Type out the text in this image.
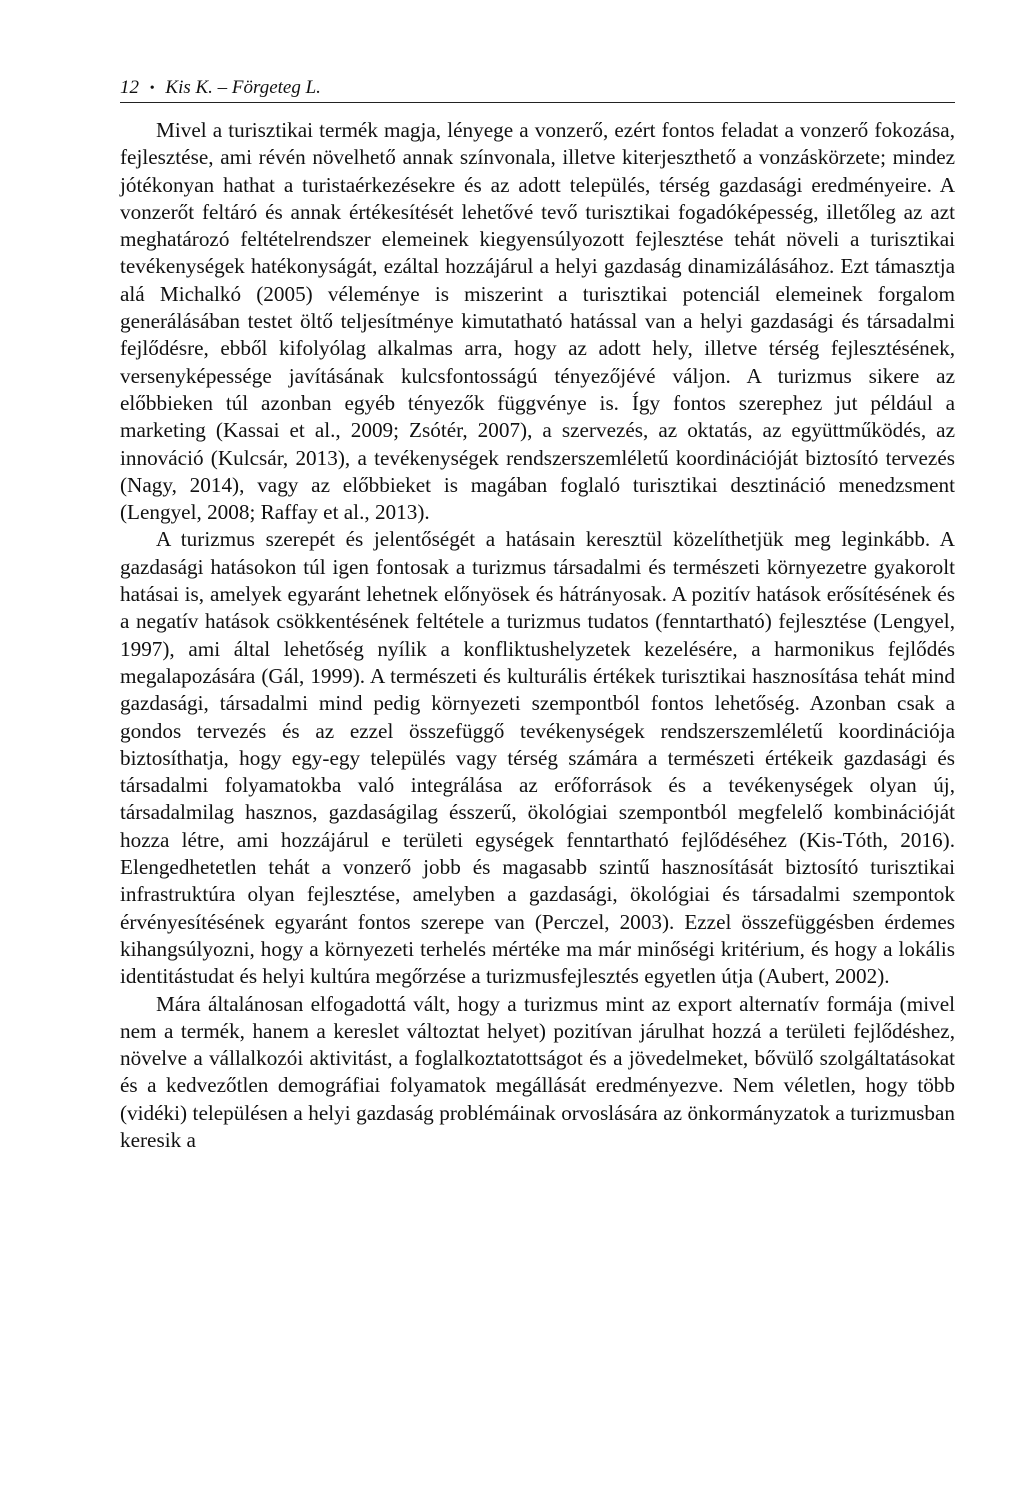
12 • Kis K. – Förgeteg L.

Mivel a turisztikai termék magja, lényege a vonzerő, ezért fontos feladat a vonzerő fokozása, fejlesztése, ami révén növelhető annak színvonala, illetve kiterjeszthető a vonzáskörzete; mindez jótékonyan hathat a turistaérkezésekre és az adott település, térség gazdasági eredményeire. A vonzerőt feltáró és annak értékesítését lehetővé tevő turisztikai fogadóképesség, illetőleg az azt meghatározó feltételrendszer elemeinek kiegyensúlyozott fejlesztése tehát növeli a turisztikai tevékenységek hatékonyságát, ezáltal hozzájárul a helyi gazdaság dinamizálásához. Ezt támasztja alá Michalkó (2005) véleménye is miszerint a turisztikai potenciál elemeinek forgalom generálásában testet öltő teljesítménye kimutatható hatással van a helyi gazdasági és társadalmi fejlődésre, ebből kifolyólag alkalmas arra, hogy az adott hely, illetve térség fejlesztésének, versenyképessége javításának kulcsfontosságú tényezőjévé váljon. A turizmus sikere az előbbieken túl azonban egyéb tényezők függvénye is. Így fontos szerephez jut például a marketing (Kassai et al., 2009; Zsótér, 2007), a szervezés, az oktatás, az együttműködés, az innováció (Kulcsár, 2013), a tevékenységek rendszerszemléletű koordinációját biztosító tervezés (Nagy, 2014), vagy az előbbieket is magában foglaló turisztikai desztináció menedzsment (Lengyel, 2008; Raffay et al., 2013).

A turizmus szerepét és jelentőségét a hatásain keresztül közelíthetjük meg leginkább. A gazdasági hatásokon túl igen fontosak a turizmus társadalmi és természeti környezetre gyakorolt hatásai is, amelyek egyaránt lehetnek előnyösek és hátrányosak. A pozitív hatások erősítésének és a negatív hatások csökkentésének feltétele a turizmus tudatos (fenntartható) fejlesztése (Lengyel, 1997), ami által lehetőség nyílik a konfliktushelyzetek kezelésére, a harmonikus fejlődés megalapozására (Gál, 1999). A természeti és kulturális értékek turisztikai hasznosítása tehát mind gazdasági, társadalmi mind pedig környezeti szempontból fontos lehetőség. Azonban csak a gondos tervezés és az ezzel összefüggő tevékenységek rendszerszemléletű koordinációja biztosíthatja, hogy egy-egy település vagy térség számára a természeti értékeik gazdasági és társadalmi folyamatokba való integrálása az erőforrások és a tevékenységek olyan új, társadalmilag hasznos, gazdaságilag ésszerű, ökológiai szempontból megfelelő kombinációját hozza létre, ami hozzájárul e területi egységek fenntartható fejlődéséhez (Kis-Tóth, 2016). Elengedhetetlen tehát a vonzerő jobb és magasabb szintű hasznosítását biztosító turisztikai infrastruktúra olyan fejlesztése, amelyben a gazdasági, ökológiai és társadalmi szempontok érvényesítésének egyaránt fontos szerepe van (Perczel, 2003). Ezzel összefüggésben érdemes kihangsúlyozni, hogy a környezeti terhelés mértéke ma már minőségi kritérium, és hogy a lokális identitástudat és helyi kultúra megőrzése a turizmusfejlesztés egyetlen útja (Aubert, 2002).

Mára általánosan elfogadottá vált, hogy a turizmus mint az export alternatív formája (mivel nem a termék, hanem a kereslet változtat helyet) pozitívan járulhat hozzá a területi fejlődéshez, növelve a vállalkozói aktivitást, a foglalkoztatottságot és a jövedelmeket, bővülő szolgáltatásokat és a kedvezőtlen demográfiai folyamatok megállását eredményezve. Nem véletlen, hogy több (vidéki) településen a helyi gazdaság problémáinak orvoslására az önkormányzatok a turizmusban keresik a
